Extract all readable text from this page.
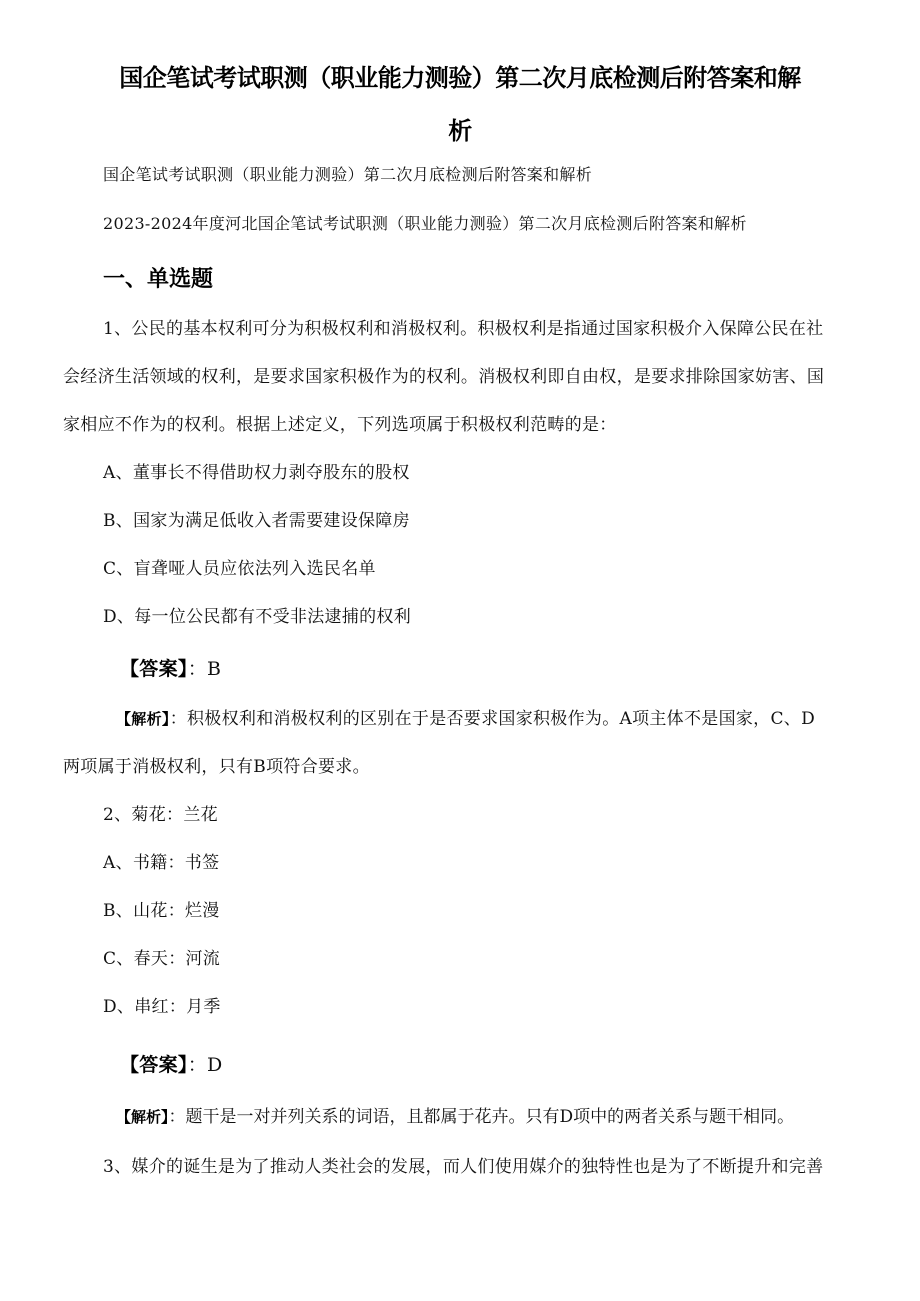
国企笔试考试职测（职业能力测验）第二次月底检测后附答案和解
析
国企笔试考试职测（职业能力测验）第二次月底检测后附答案和解析
2023-2024年度河北国企笔试考试职测（职业能力测验）第二次月底检测后附答案和解析
一、单选题
1、公民的基本权利可分为积极权利和消极权利。积极权利是指通过国家积极介入保障公民在社
会经济生活领域的权利，是要求国家积极作为的权利。消极权利即自由权，是要求排除国家妨害、国
家相应不作为的权利。根据上述定义，下列选项属于积极权利范畴的是：
A、董事长不得借助权力剥夺股东的股权
B、国家为满足低收入者需要建设保障房
C、盲聋哑人员应依法列入选民名单
D、每一位公民都有不受非法逮捕的权利
【答案】：B
【解析】：积极权利和消极权利的区别在于是否要求国家积极作为。A项主体不是国家，C、D
两项属于消极权利，只有B项符合要求。
2、菊花：兰花
A、书籍：书签
B、山花：烂漫
C、春天：河流
D、串红：月季
【答案】：D
【解析】：题干是一对并列关系的词语，且都属于花卉。只有D项中的两者关系与题干相同。
3、媒介的诞生是为了推动人类社会的发展，而人们使用媒介的独特性也是为了不断提升和完善
